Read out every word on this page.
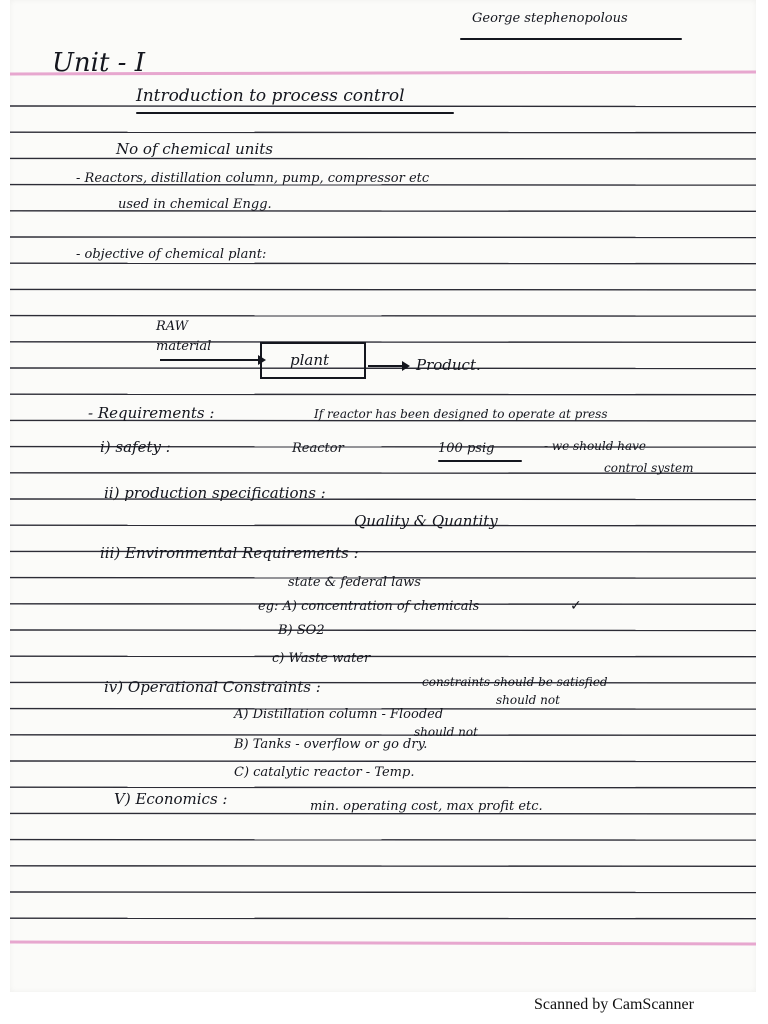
George stephenopolous
Unit - I
Introduction to process control
No of chemical units
- Reactors, distillation column, pump, compressor etc
used in chemical Engg.
- objective of chemical plant:
RAW
material
plant	Product.
- Requirements :	If reactor has been designed to operate at press
i) safety :	Reactor	100 psig	- we should have
control system
ii) production specifications :
Quality & Quantity
iii) Environmental Requirements :
state & federal laws
eg: A) concentration of chemicals	✓
B) SO2
c) Waste water
iv) Operational Constraints :	constraints should be satisfied
should not
A) Distillation column - Flooded
should not
B) Tanks - overflow or go dry.
C) catalytic reactor - Temp.
V) Economics :	min. operating cost, max profit etc.
Scanned by CamScanner
